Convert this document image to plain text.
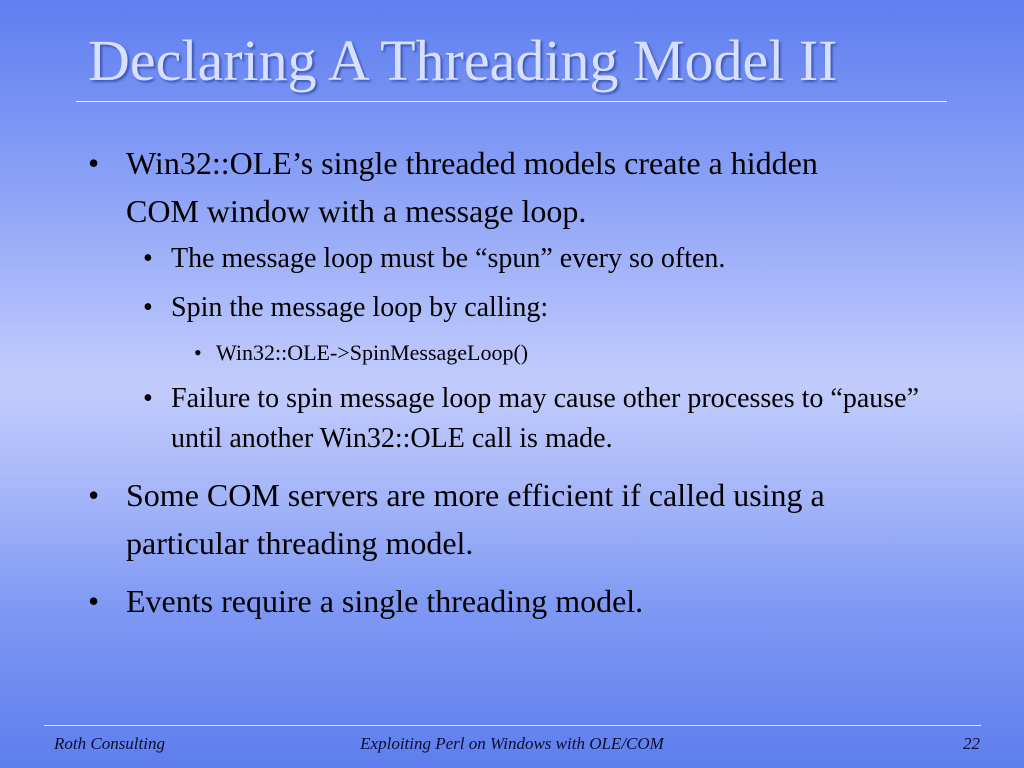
Declaring A Threading Model II
• Win32::OLE’s single threaded models create a hidden COM window with a message loop.
• The message loop must be “spun” every so often.
• Spin the message loop by calling:
• Win32::OLE->SpinMessageLoop()
• Failure to spin message loop may cause other processes to “pause” until another Win32::OLE call is made.
• Some COM servers are more efficient if called using a particular threading model.
• Events require a single threading model.
Roth Consulting	Exploiting Perl on Windows with OLE/COM	22
